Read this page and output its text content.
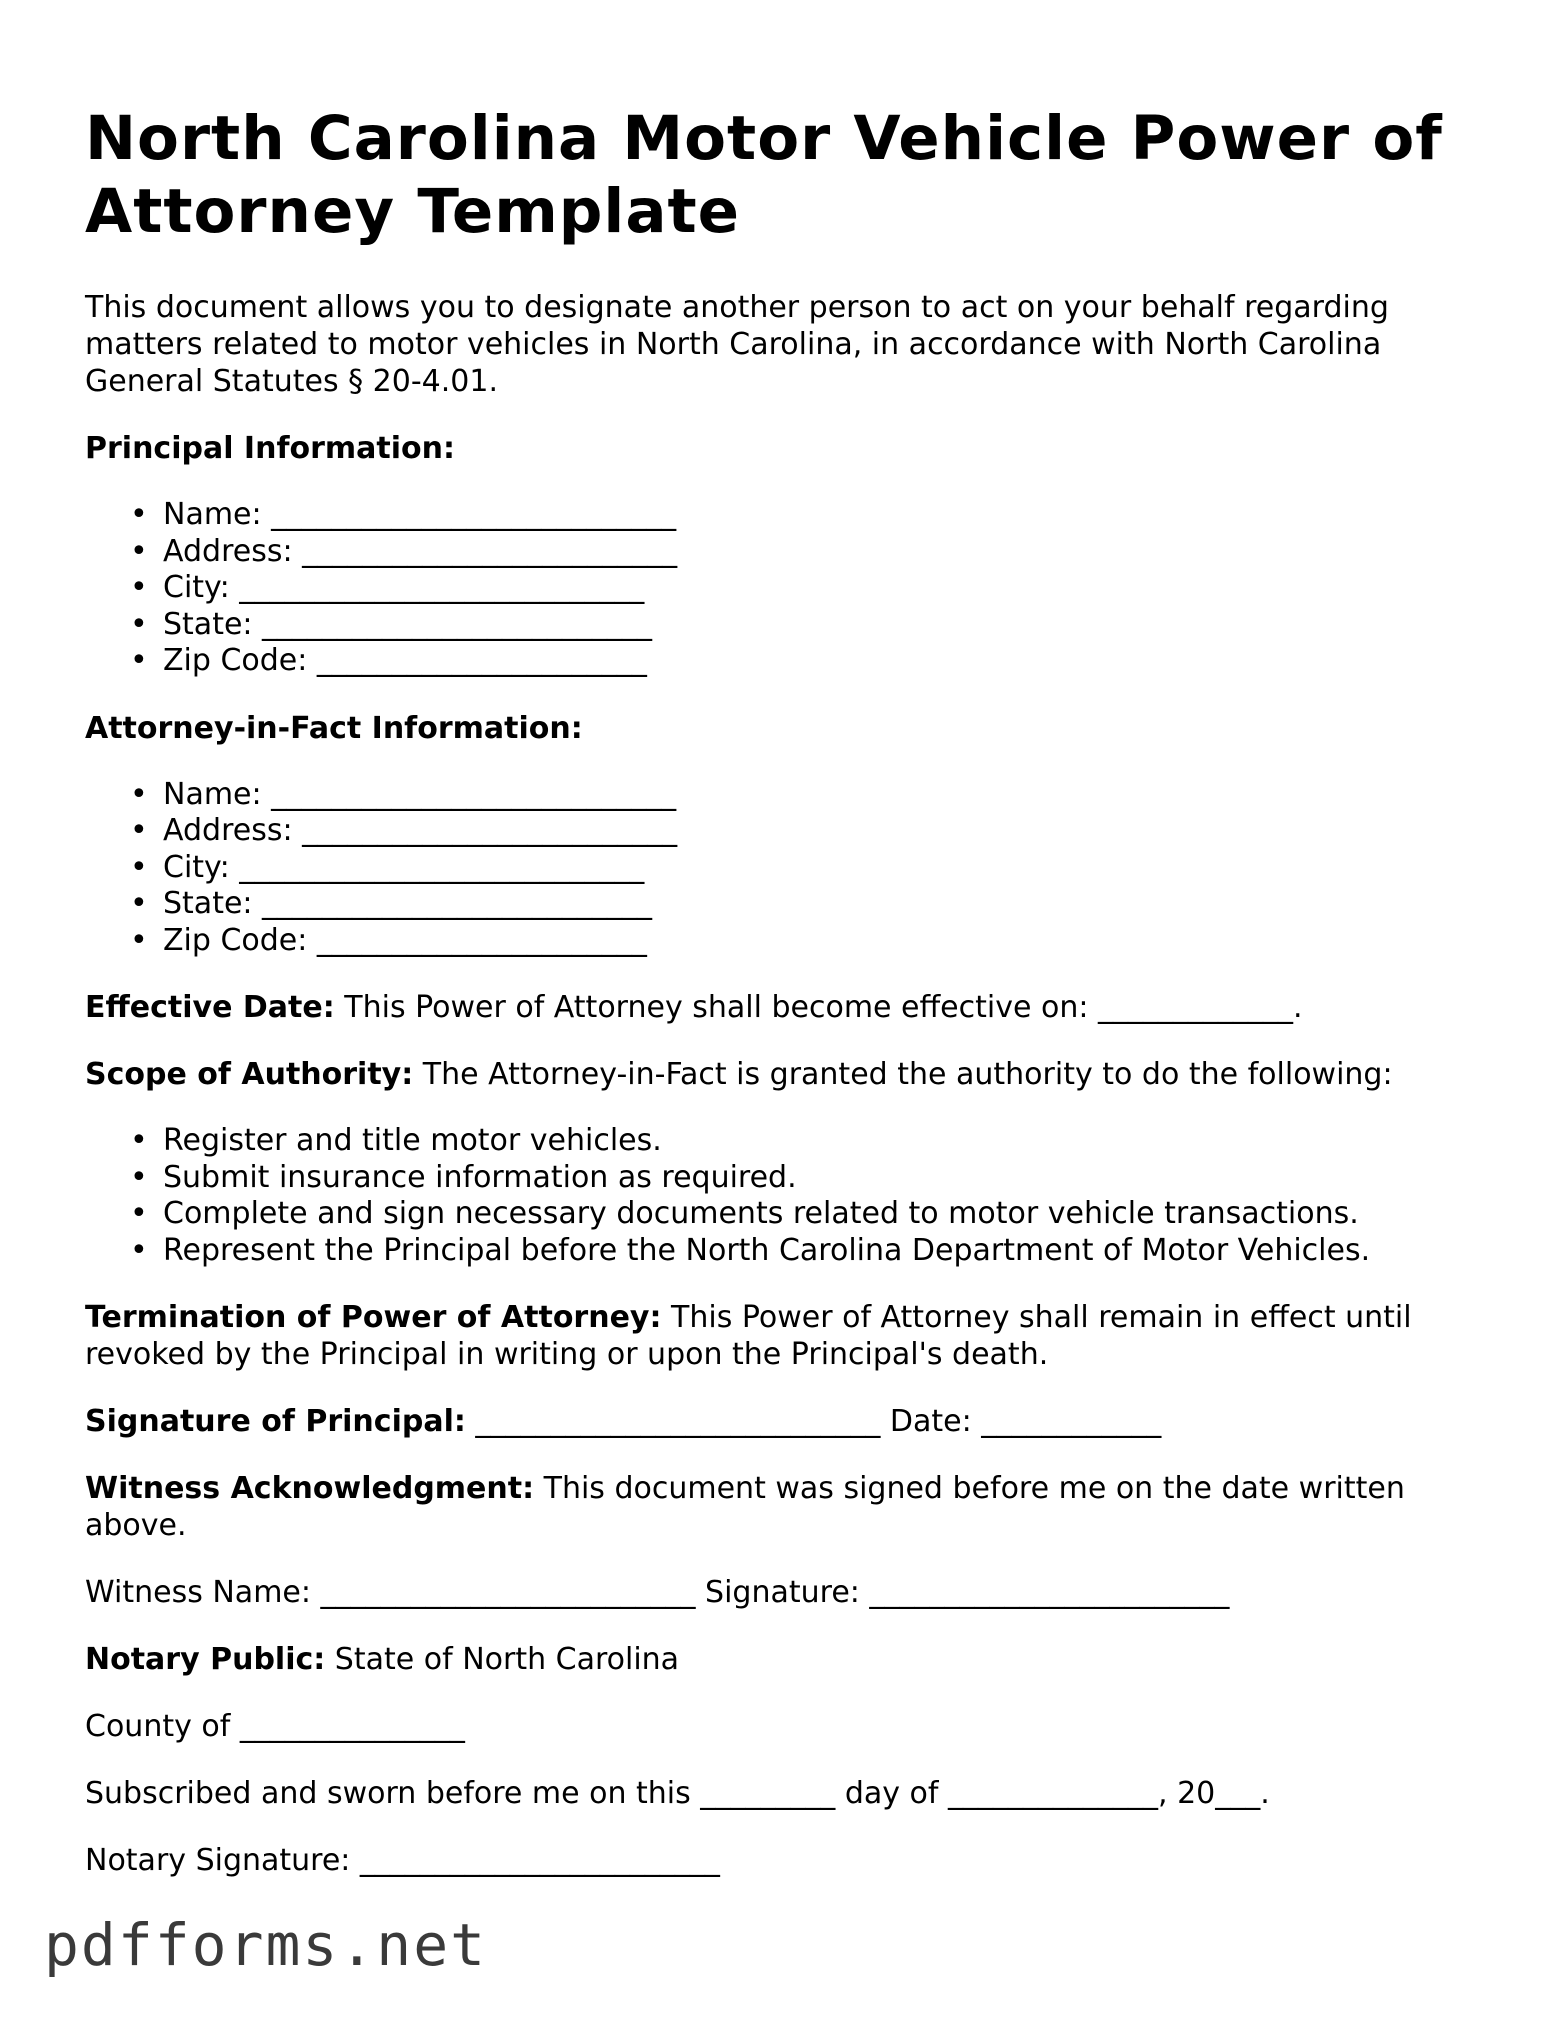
North Carolina Motor Vehicle Power of Attorney Template

This document allows you to designate another person to act on your behalf regarding matters related to motor vehicles in North Carolina, in accordance with North Carolina General Statutes § 20-4.01.

Principal Information:

• Name: ___________________________
• Address: _________________________
• City: ___________________________
• State: __________________________
• Zip Code: ______________________

Attorney-in-Fact Information:

• Name: ___________________________
• Address: _________________________
• City: ___________________________
• State: __________________________
• Zip Code: ______________________

Effective Date: This Power of Attorney shall become effective on: _____________.

Scope of Authority: The Attorney-in-Fact is granted the authority to do the following:

• Register and title motor vehicles.
• Submit insurance information as required.
• Complete and sign necessary documents related to motor vehicle transactions.
• Represent the Principal before the North Carolina Department of Motor Vehicles.

Termination of Power of Attorney: This Power of Attorney shall remain in effect until revoked by the Principal in writing or upon the Principal's death.

Signature of Principal: ___________________________ Date: ____________

Witness Acknowledgment: This document was signed before me on the date written above.

Witness Name: _________________________ Signature: ________________________

Notary Public: State of North Carolina

County of _______________

Subscribed and sworn before me on this _________ day of ______________, 20___.

Notary Signature: ________________________

pdfforms.net
